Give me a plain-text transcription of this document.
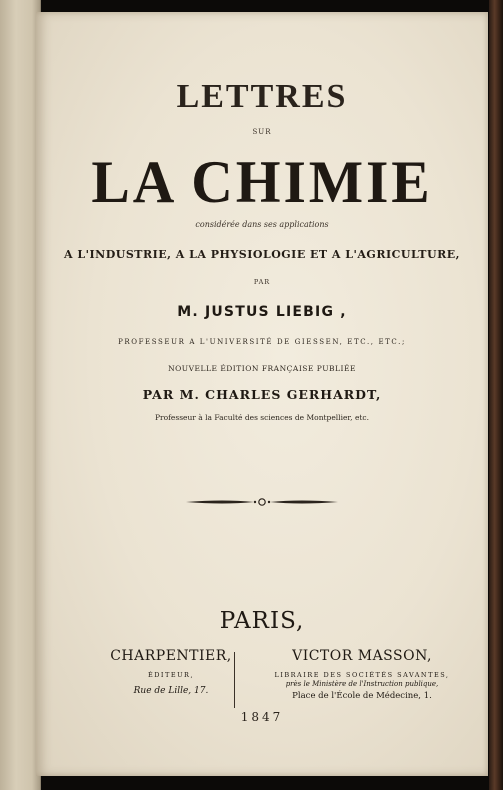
LETTRES
SUR
LA CHIMIE
considérée dans ses applications
A L'INDUSTRIE, A LA PHYSIOLOGIE ET A L'AGRICULTURE,
PAR
M. JUSTUS LIEBIG ,
PROFESSEUR A L'UNIVERSITÉ DE GIESSEN, ETC., ETC.;
NOUVELLE ÉDITION FRANÇAISE PUBLIÉE
PAR M. CHARLES GERHARDT,
Professeur à la Faculté des sciences de Montpellier, etc.
PARIS,
CHARPENTIER,
ÉDITEUR,
Rue de Lille, 17.
VICTOR MASSON,
LIBRAIRE DES SOCIÉTÉS SAVANTES,
près le Ministère de l'Instruction publique,
Place de l'École de Médecine, 1.
1847
